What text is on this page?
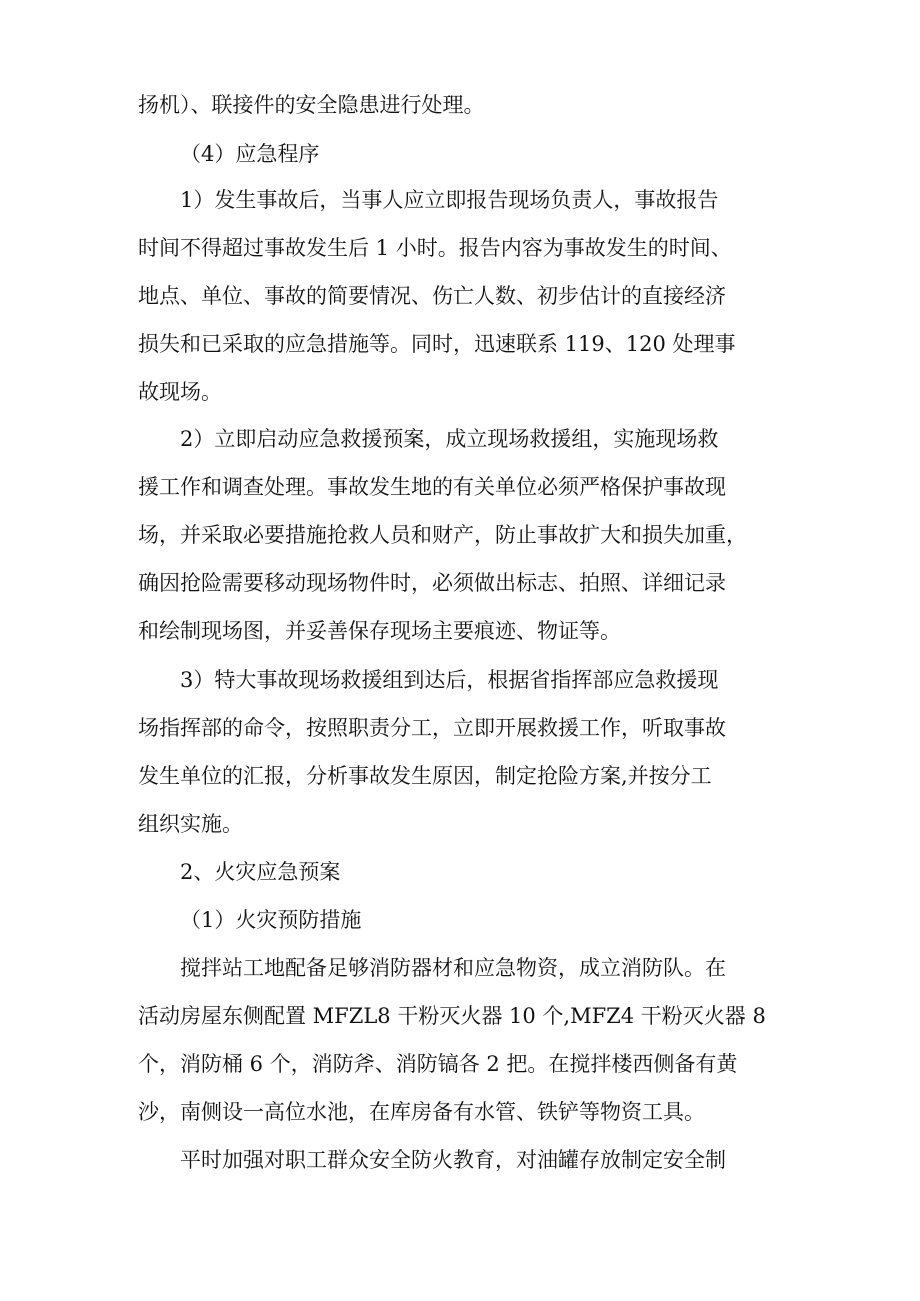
扬机）、联接件的安全隐患进行处理。
（4）应急程序
1）发生事故后，当事人应立即报告现场负责人，事故报告
时间不得超过事故发生后 1 小时。报告内容为事故发生的时间、
地点、单位、事故的简要情况、伤亡人数、初步估计的直接经济
损失和已采取的应急措施等。同时，迅速联系 119、120 处理事
故现场。
2）立即启动应急救援预案，成立现场救援组，实施现场救
援工作和调查处理。事故发生地的有关单位必须严格保护事故现
场，并采取必要措施抢救人员和财产，防止事故扩大和损失加重，
确因抢险需要移动现场物件时，必须做出标志、拍照、详细记录
和绘制现场图，并妥善保存现场主要痕迹、物证等。
3）特大事故现场救援组到达后，根据省指挥部应急救援现
场指挥部的命令，按照职责分工，立即开展救援工作，听取事故
发生单位的汇报，分析事故发生原因，制定抢险方案,并按分工
组织实施。
2、火灾应急预案
（1）火灾预防措施
搅拌站工地配备足够消防器材和应急物资，成立消防队。在
活动房屋东侧配置 MFZL8 干粉灭火器 10 个,MFZ4 干粉灭火器 8
个，消防桶 6 个，消防斧、消防镐各 2 把。在搅拌楼西侧备有黄
沙，南侧设一高位水池，在库房备有水管、铁铲等物资工具。
平时加强对职工群众安全防火教育，对油罐存放制定安全制
